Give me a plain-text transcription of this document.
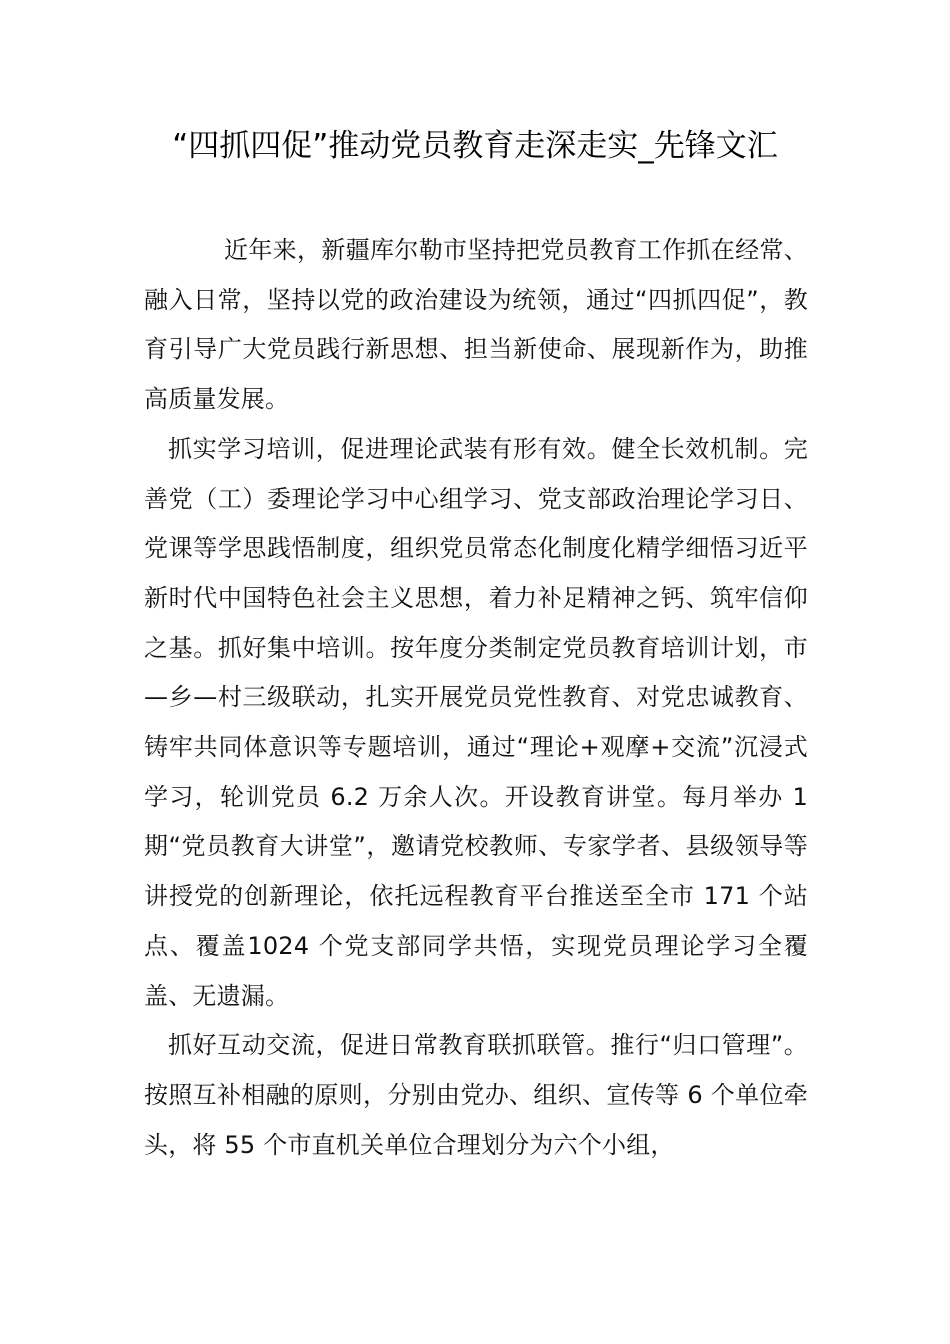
“四抓四促”推动党员教育走深走实_先锋文汇

近年来，新疆库尔勒市坚持把党员教育工作抓在经常、融入日常，坚持以党的政治建设为统领，通过“四抓四促”，教育引导广大党员践行新思想、担当新使命、展现新作为，助推高质量发展。

抓实学习培训，促进理论武装有形有效。健全长效机制。完善党（工）委理论学习中心组学习、党支部政治理论学习日、党课等学思践悟制度，组织党员常态化制度化精学细悟习近平新时代中国特色社会主义思想，着力补足精神之钙、筑牢信仰之基。抓好集中培训。按年度分类制定党员教育培训计划，市—乡—村三级联动，扎实开展党员党性教育、对党忠诚教育、铸牢共同体意识等专题培训，通过“理论+观摩+交流”沉浸式学习，轮训党员 6.2 万余人次。开设教育讲堂。每月举办 1 期“党员教育大讲堂”，邀请党校教师、专家学者、县级领导等讲授党的创新理论，依托远程教育平台推送至全市 171 个站点、覆盖1024 个党支部同学共悟，实现党员理论学习全覆盖、无遗漏。

抓好互动交流，促进日常教育联抓联管。推行“归口管理”。按照互补相融的原则，分别由党办、组织、宣传等 6 个单位牵头，将 55 个市直机关单位合理划分为六个小组，
